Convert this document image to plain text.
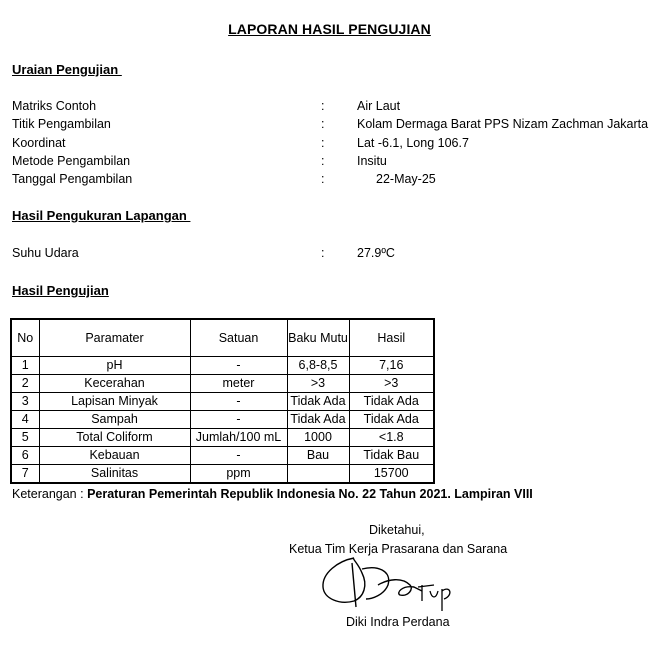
LAPORAN HASIL PENGUJIAN
Uraian Pengujian
Matriks Contoh	:	Air Laut
Titik Pengambilan	:	Kolam Dermaga Barat PPS Nizam Zachman Jakarta
Koordinat	:	Lat -6.1, Long 106.7
Metode Pengambilan	:	Insitu
Tanggal Pengambilan	:	22-May-25
Hasil Pengukuran Lapangan
Suhu Udara	:	27.9ºC
Hasil Pengujian
No	Paramater	Satuan	Baku Mutu	Hasil
1	pH	-	6,8-8,5	7,16
2	Kecerahan	meter	>3	>3
3	Lapisan Minyak	-	Tidak Ada	Tidak Ada
4	Sampah	-	Tidak Ada	Tidak Ada
5	Total Coliform	Jumlah/100 mL	1000	<1.8
6	Kebauan	-	Bau	Tidak Bau
7	Salinitas	ppm		15700
Keterangan : Peraturan Pemerintah Republik Indonesia No. 22 Tahun 2021. Lampiran VIII
Diketahui,
Ketua Tim Kerja Prasarana dan Sarana
Diki Indra Perdana
